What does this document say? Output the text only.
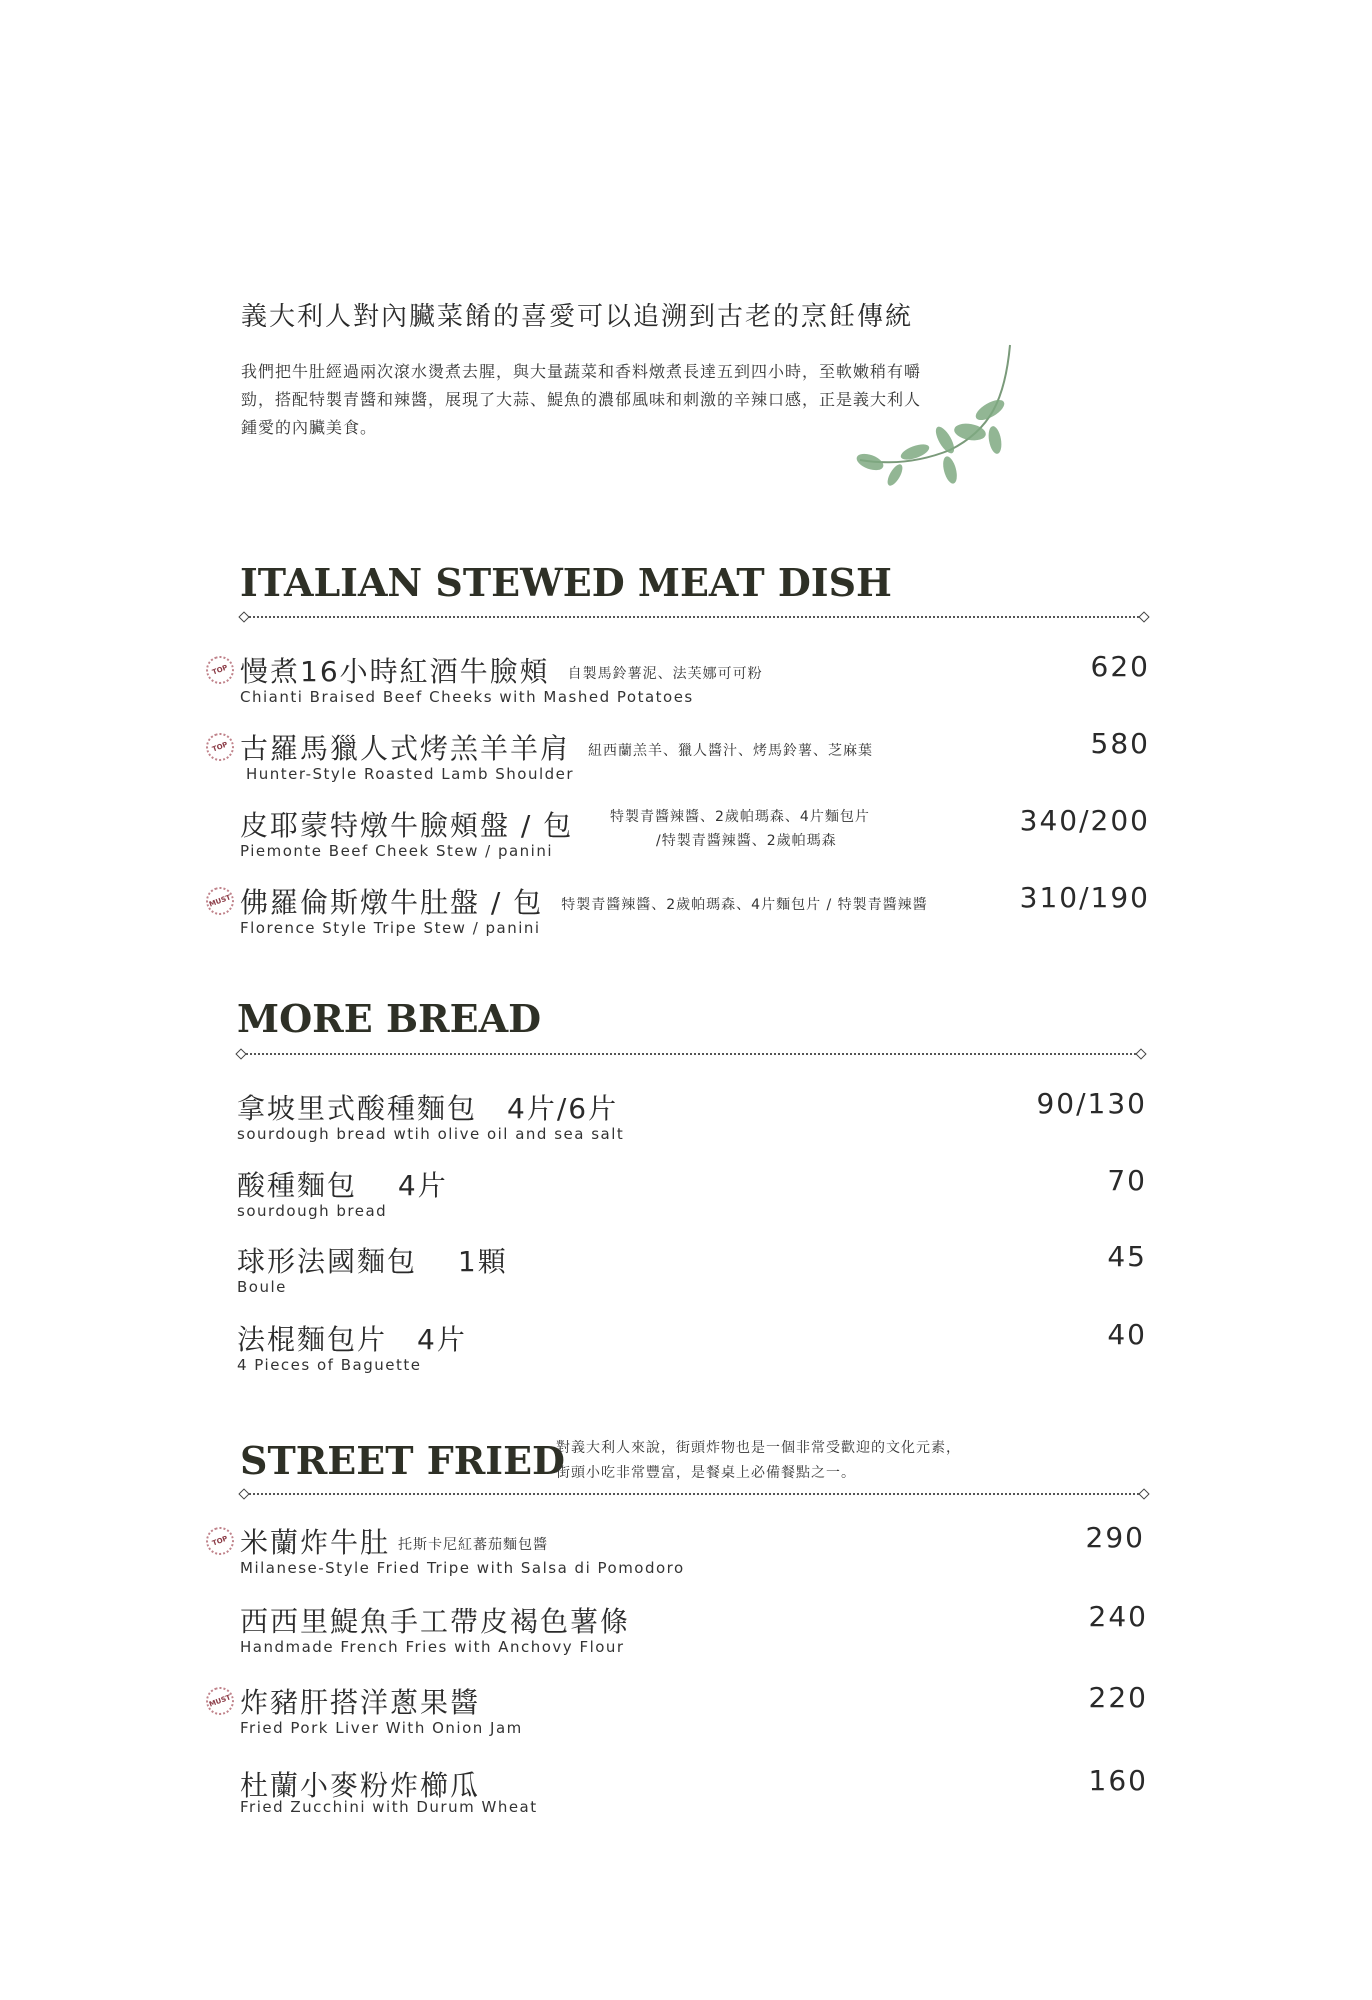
義大利人對內臟菜餚的喜愛可以追溯到古老的烹飪傳統
我們把牛肚經過兩次滾水燙煮去腥，與大量蔬菜和香料燉煮長達五到四小時，至軟嫩稍有嚼勁，搭配特製青醬和辣醬，展現了大蒜、鯷魚的濃郁風味和刺激的辛辣口感，正是義大利人鍾愛的內臟美食。
ITALIAN STEWED MEAT DISH
TOP 慢煮16小時紅酒牛臉頰 自製馬鈴薯泥、法芙娜可可粉
Chianti Braised Beef Cheeks with Mashed Potatoes
620
TOP 古羅馬獵人式烤羔羊羊肩 紐西蘭羔羊、獵人醬汁、烤馬鈴薯、芝麻葉
Hunter-Style Roasted Lamb Shoulder
580
皮耶蒙特燉牛臉頰盤 / 包	特製青醬辣醬、2歲帕瑪森、4片麵包片
/特製青醬辣醬、2歲帕瑪森
Piemonte Beef Cheek Stew / panini
340/200
MUST 佛羅倫斯燉牛肚盤 / 包 特製青醬辣醬、2歲帕瑪森、4片麵包片 / 特製青醬辣醬
Florence Style Tripe Stew / panini
310/190
MORE BREAD
拿坡里式酸種麵包　4片/6片
sourdough bread wtih olive oil and sea salt
90/130
酸種麵包　 4片
sourdough bread
70
球形法國麵包　 1顆
Boule
45
法棍麵包片　4片
4 Pieces of Baguette
40
STREET FRIED
對義大利人來說，街頭炸物也是一個非常受歡迎的文化元素，
街頭小吃非常豐富，是餐桌上必備餐點之一。
TOP 米蘭炸牛肚 托斯卡尼紅蕃茄麵包醬
Milanese-Style Fried Tripe with Salsa di Pomodoro
290
西西里鯷魚手工帶皮褐色薯條
Handmade French Fries with Anchovy Flour
240
MUST 炸豬肝搭洋蔥果醬
Fried Pork Liver With Onion Jam
220
杜蘭小麥粉炸櫛瓜
Fried Zucchini with Durum Wheat
160
